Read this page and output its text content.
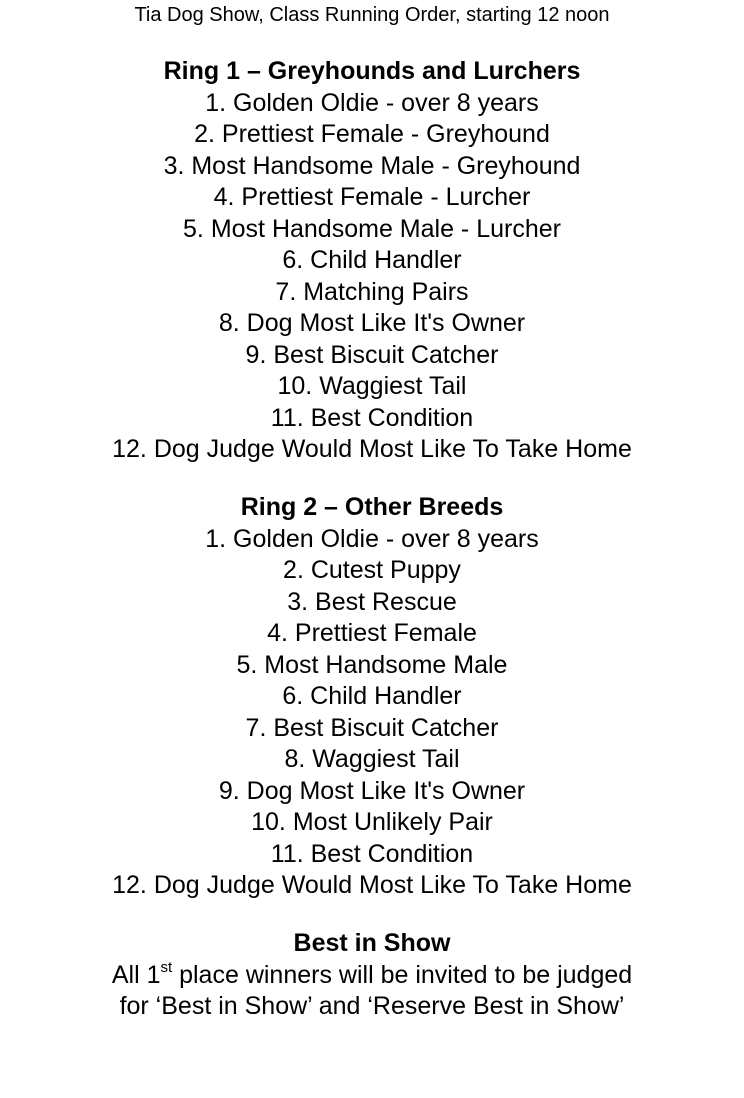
Tia Dog Show, Class Running Order, starting 12 noon
Ring 1 – Greyhounds and Lurchers
1. Golden Oldie - over 8 years
2. Prettiest Female - Greyhound
3. Most Handsome Male - Greyhound
4. Prettiest Female - Lurcher
5. Most Handsome Male - Lurcher
6. Child Handler
7. Matching Pairs
8. Dog Most Like It's Owner
9. Best Biscuit Catcher
10. Waggiest Tail
11. Best Condition
12. Dog Judge Would Most Like To Take Home
Ring 2 – Other Breeds
1. Golden Oldie - over 8 years
2. Cutest Puppy
3. Best Rescue
4. Prettiest Female
5. Most Handsome Male
6. Child Handler
7. Best Biscuit Catcher
8. Waggiest Tail
9. Dog Most Like It's Owner
10. Most Unlikely Pair
11. Best Condition
12. Dog Judge Would Most Like To Take Home
Best in Show
All 1st place winners will be invited to be judged
for ‘Best in Show’ and ‘Reserve Best in Show’
